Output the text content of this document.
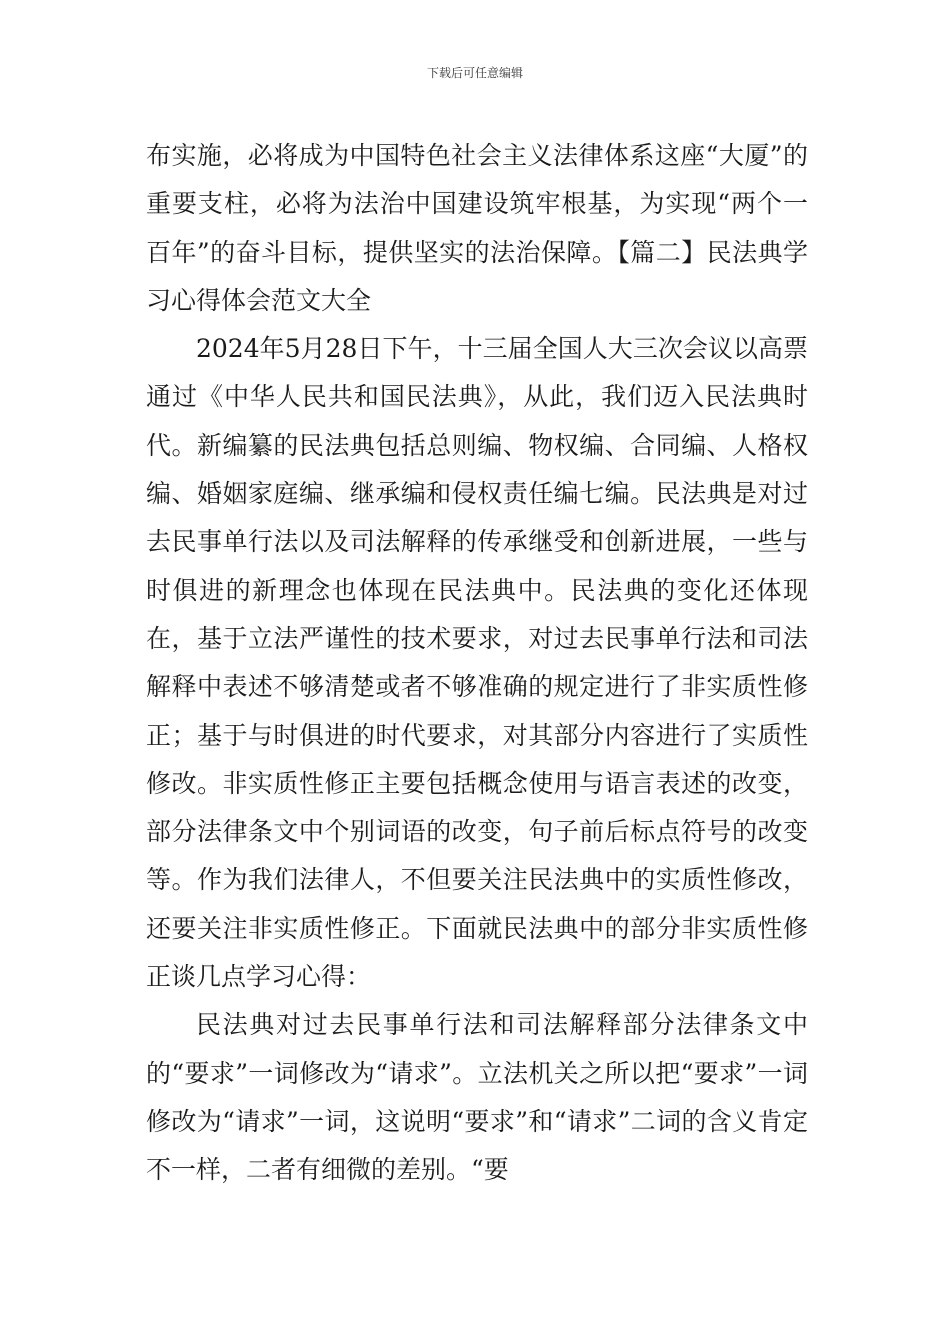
下载后可任意编辑

布实施，必将成为中国特色社会主义法律体系这座“大厦”的重要支柱，必将为法治中国建设筑牢根基，为实现“两个一百年”的奋斗目标，提供坚实的法治保障。【篇二】民法典学习心得体会范文大全

2024年5月28日下午，十三届全国人大三次会议以高票通过《中华人民共和国民法典》，从此，我们迈入民法典时代。新编纂的民法典包括总则编、物权编、合同编、人格权编、婚姻家庭编、继承编和侵权责任编七编。民法典是对过去民事单行法以及司法解释的传承继受和创新进展，一些与时俱进的新理念也体现在民法典中。民法典的变化还体现在，基于立法严谨性的技术要求，对过去民事单行法和司法解释中表述不够清楚或者不够准确的规定进行了非实质性修正；基于与时俱进的时代要求，对其部分内容进行了实质性修改。非实质性修正主要包括概念使用与语言表述的改变，部分法律条文中个别词语的改变，句子前后标点符号的改变等。作为我们法律人，不但要关注民法典中的实质性修改，还要关注非实质性修正。下面就民法典中的部分非实质性修正谈几点学习心得：

民法典对过去民事单行法和司法解释部分法律条文中的“要求”一词修改为“请求”。立法机关之所以把“要求”一词修改为“请求”一词，这说明“要求”和“请求”二词的含义肯定不一样，二者有细微的差别。“要
